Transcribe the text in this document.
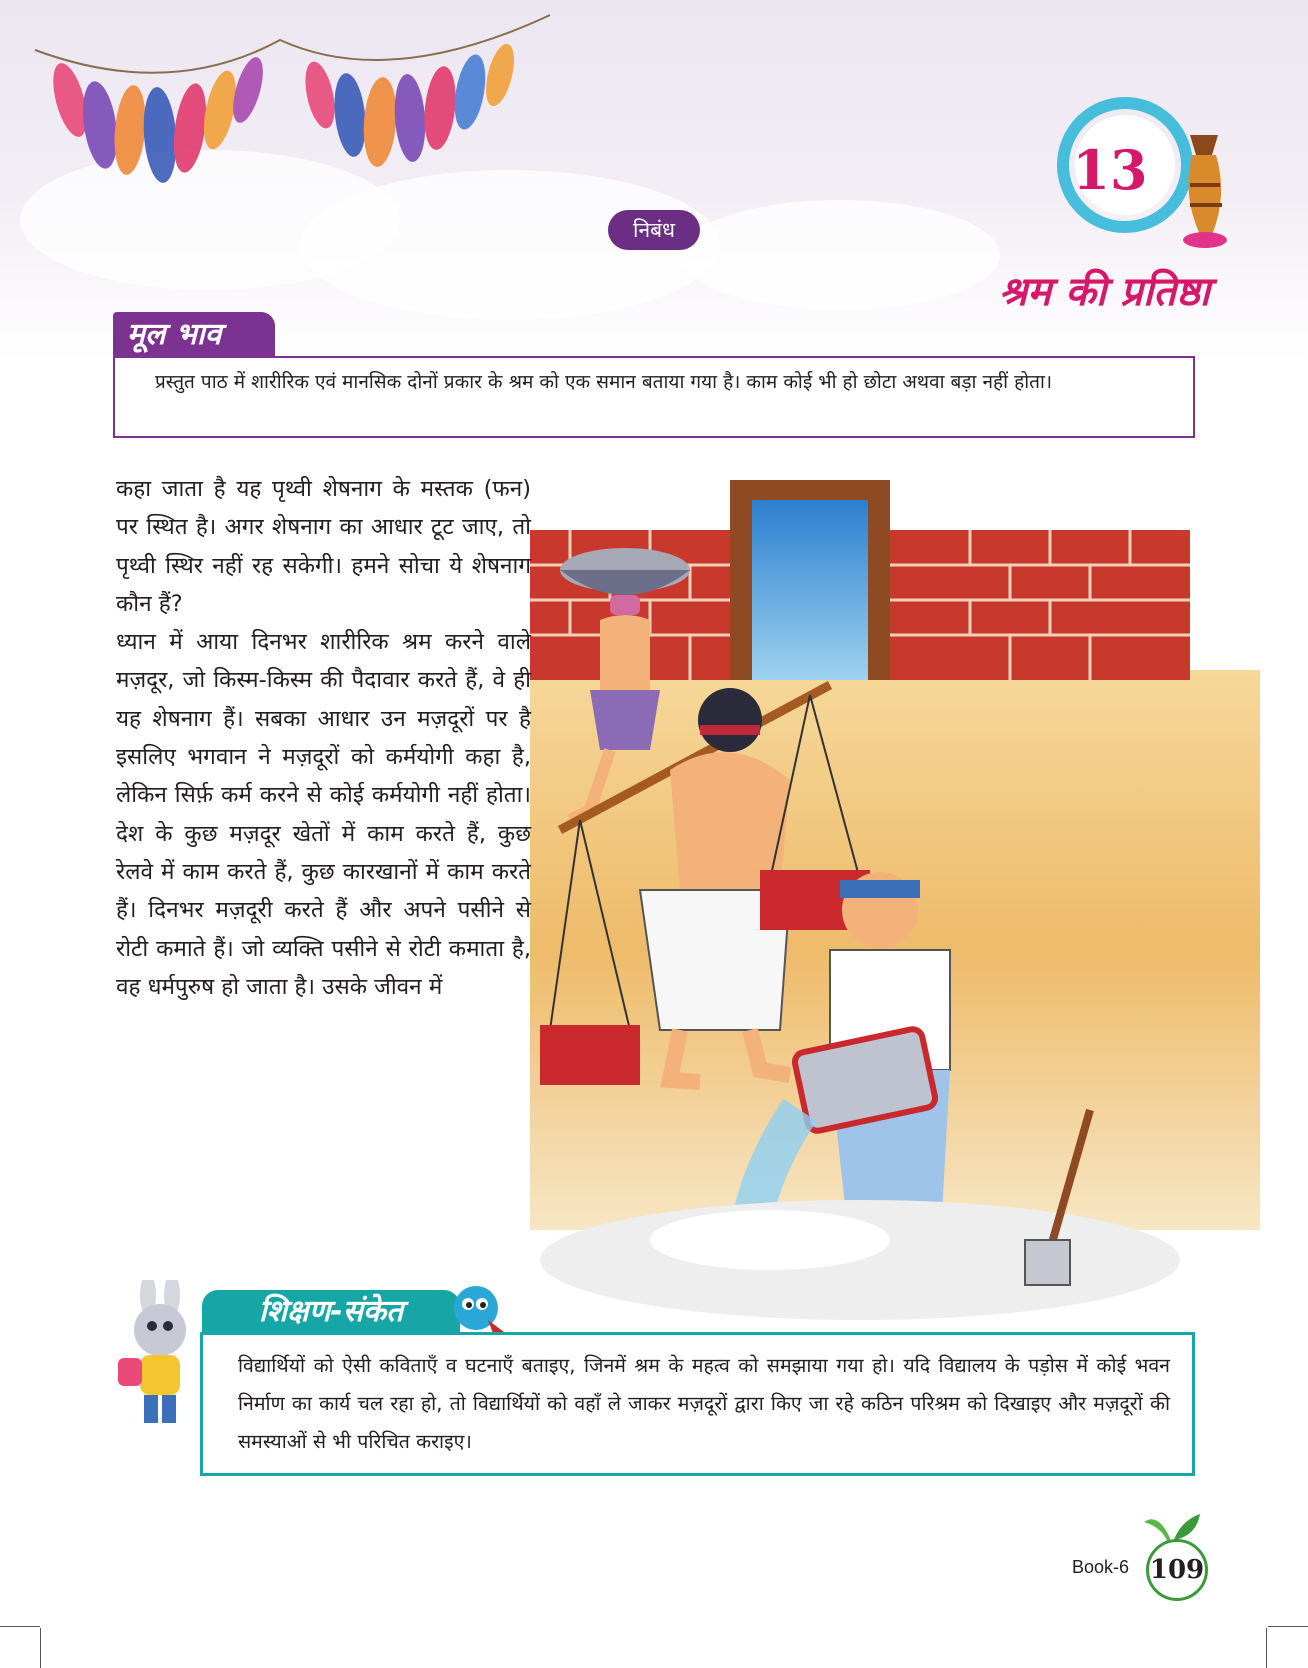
13
निबंध
श्रम की प्रतिष्ठा
मूल भाव
प्रस्तुत पाठ में शारीरिक एवं मानसिक दोनों प्रकार के श्रम को एक समान बताया गया है। काम कोई भी हो छोटा अथवा बड़ा नहीं होता।

कहा जाता है यह पृथ्वी शेषनाग के मस्तक (फन) पर स्थित है। अगर शेषनाग का आधार टूट जाए, तो पृथ्वी स्थिर नहीं रह सकेगी। हमने सोचा ये शेषनाग कौन हैं?

ध्यान में आया दिनभर शारीरिक श्रम करने वाले मज़दूर, जो किस्म-किस्म की पैदावार करते हैं, वे ही यह शेषनाग हैं। सबका आधार उन मज़दूरों पर है इसलिए भगवान ने मज़दूरों को कर्मयोगी कहा है, लेकिन सिर्फ़ कर्म करने से कोई कर्मयोगी नहीं होता। देश के कुछ मज़दूर खेतों में काम करते हैं, कुछ रेलवे में काम करते हैं, कुछ कारखानों में काम करते हैं। दिनभर मज़दूरी करते हैं और अपने पसीने से रोटी कमाते हैं। जो व्यक्ति पसीने से रोटी कमाता है, वह धर्मपुरुष हो जाता है। उसके जीवन में

शिक्षण-संकेत
विद्यार्थियों को ऐसी कविताएँ व घटनाएँ बताइए, जिनमें श्रम के महत्व को समझाया गया हो। यदि विद्यालय के पड़ोस में कोई भवन निर्माण का कार्य चल रहा हो, तो विद्यार्थियों को वहाँ ले जाकर मज़दूरों द्वारा किए जा रहे कठिन परिश्रम को दिखाइए और मज़दूरों की समस्याओं से भी परिचित कराइए।
Book-6 109
